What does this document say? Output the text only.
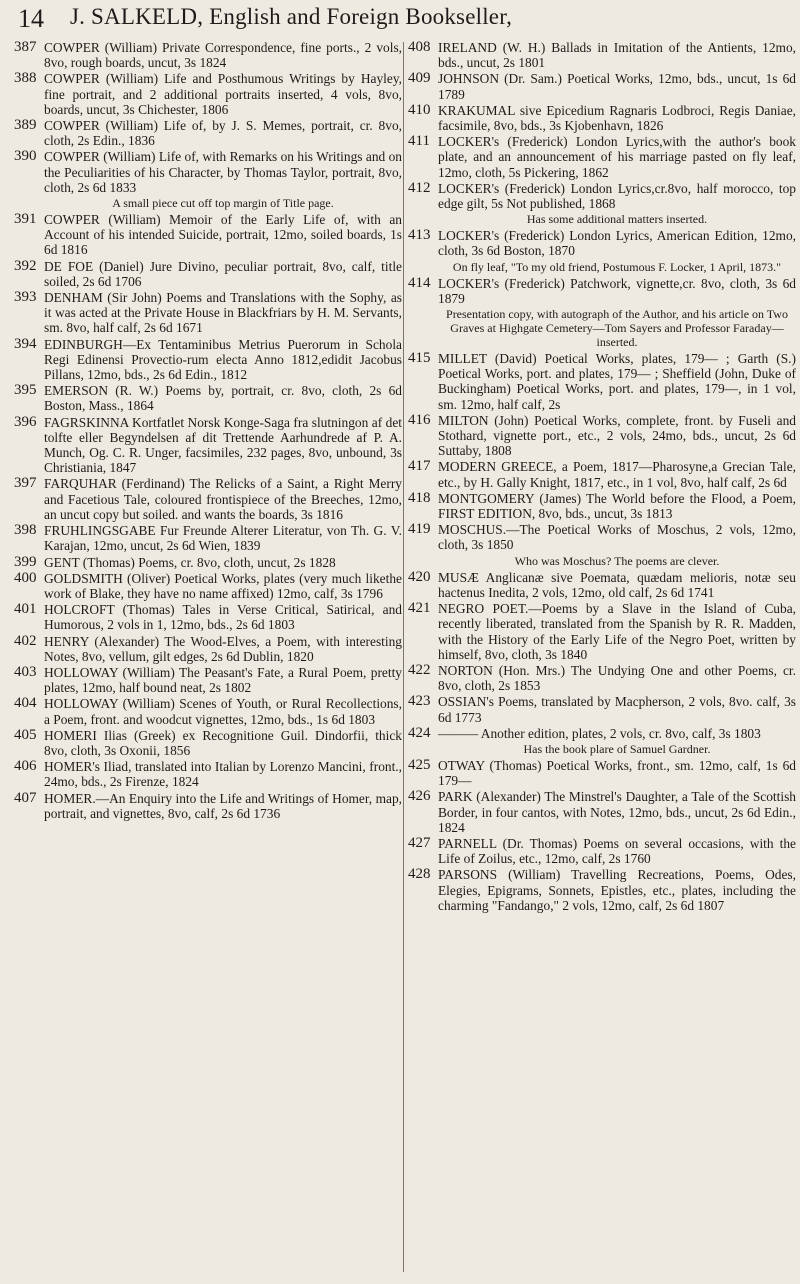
14 J. SALKELD, English and Foreign Bookseller,
387 COWPER (William) Private Correspondence, fine ports., 2 vols, 8vo, rough boards, uncut, 3s 1824
388 COWPER (William) Life and Posthumous Writings by Hayley, fine portrait, and 2 additional portraits inserted, 4 vols, 8vo, boards, uncut, 3s Chichester, 1806
389 COWPER (William) Life of, by J. S. Memes, portrait, cr. 8vo, cloth, 2s Edin., 1836
390 COWPER (William) Life of, with Remarks on his Writings and on the Peculiarities of his Character, by Thomas Taylor, portrait, 8vo, cloth, 2s 6d 1833
A small piece cut off top margin of Title page.
391 COWPER (William) Memoir of the Early Life of, with an Account of his intended Suicide, portrait, 12mo, soiled boards, 1s 6d 1816
392 DE FOE (Daniel) Jure Divino, peculiar portrait, 8vo, calf, title soiled, 2s 6d 1706
393 DENHAM (Sir John) Poems and Translations with the Sophy, as it was acted at the Private House in Blackfriars by H. M. Servants, sm. 8vo, half calf, 2s 6d 1671
394 EDINBURGH—Ex Tentaminibus Metrius Puerorum in Schola Regi Edinensi Provectio-rum electa Anno 1812,edidit Jacobus Pillans, 12mo, bds., 2s 6d Edin., 1812
395 EMERSON (R. W.) Poems by, portrait, cr. 8vo, cloth, 2s 6d Boston, Mass., 1864
396 FAGRSKINNA Kortfatlet Norsk Konge-Saga fra slutningon af det tolfte eller Begyndelsen af dit Trettende Aarhundrede af P. A. Munch, Og. C. R. Unger, facsimiles, 232 pages, 8vo, unbound, 3s Christiania, 1847
397 FARQUHAR (Ferdinand) The Relicks of a Saint, a Right Merry and Facetious Tale, coloured frontispiece of the Breeches, 12mo, an uncut copy but soiled. and wants the boards, 3s 1816
398 FRUHLINGSGABE Fur Freunde Alterer Literatur, von Th. G. V. Karajan, 12mo, uncut, 2s 6d Wien, 1839
399 GENT (Thomas) Poems, cr. 8vo, cloth, uncut, 2s 1828
400 GOLDSMITH (Oliver) Poetical Works, plates (very much likethe work of Blake, they have no name affixed) 12mo, calf, 3s 1796
401 HOLCROFT (Thomas) Tales in Verse Critical, Satirical, and Humorous, 2 vols in 1, 12mo, bds., 2s 6d 1803
402 HENRY (Alexander) The Wood-Elves, a Poem, with interesting Notes, 8vo, vellum, gilt edges, 2s 6d Dublin, 1820
403 HOLLOWAY (William) The Peasant's Fate, a Rural Poem, pretty plates, 12mo, half bound neat, 2s 1802
404 HOLLOWAY (William) Scenes of Youth, or Rural Recollections, a Poem, front. and woodcut vignettes, 12mo, bds., 1s 6d 1803
405 HOMERI Ilias (Greek) ex Recognitione Guil. Dindorfii, thick 8vo, cloth, 3s Oxonii, 1856
406 HOMER's Iliad, translated into Italian by Lorenzo Mancini, front., 24mo, bds., 2s Firenze, 1824
407 HOMER.—An Enquiry into the Life and Writings of Homer, map, portrait, and vignettes, 8vo, calf, 2s 6d 1736
408 IRELAND (W. H.) Ballads in Imitation of the Antients, 12mo, bds., uncut, 2s 1801
409 JOHNSON (Dr. Sam.) Poetical Works, 12mo, bds., uncut, 1s 6d 1789
410 KRAKUMAL sive Epicedium Ragnaris Lodbroci, Regis Daniae, facsimile, 8vo, bds., 3s Kjobenhavn, 1826
411 LOCKER's (Frederick) London Lyrics,with the author's book plate, and an announcement of his marriage pasted on fly leaf, 12mo, cloth, 5s Pickering, 1862
412 LOCKER's (Frederick) London Lyrics,cr.8vo, half morocco, top edge gilt, 5s Not published, 1868
Has some additional matters inserted.
413 LOCKER's (Frederick) London Lyrics, American Edition, 12mo, cloth, 3s 6d Boston, 1870
On fly leaf, "To my old friend, Postumous F. Locker, 1 April, 1873."
414 LOCKER's (Frederick) Patchwork, vignette,cr. 8vo, cloth, 3s 6d 1879
Presentation copy, with autograph of the Author, and his article on Two Graves at Highgate Cemetery—Tom Sayers and Professor Faraday—inserted.
415 MILLET (David) Poetical Works, plates, 179— ; Garth (S.) Poetical Works, port. and plates, 179— ; Sheffield (John, Duke of Buckingham) Poetical Works, port. and plates, 179—, in 1 vol, sm. 12mo, half calf, 2s
416 MILTON (John) Poetical Works, complete, front. by Fuseli and Stothard, vignette port., etc., 2 vols, 24mo, bds., uncut, 2s 6d Suttaby, 1808
417 MODERN GREECE, a Poem, 1817—Pharosyne,a Grecian Tale, etc., by H. Gally Knight, 1817, etc., in 1 vol, 8vo, half calf, 2s 6d
418 MONTGOMERY (James) The World before the Flood, a Poem, FIRST EDITION, 8vo, bds., uncut, 3s 1813
419 MOSCHUS.—The Poetical Works of Moschus, 2 vols, 12mo, cloth, 3s 1850
Who was Moschus? The poems are clever.
420 MUSÆ Anglicanæ sive Poemata, quædam melioris, notæ seu hactenus Inedita, 2 vols, 12mo, old calf, 2s 6d 1741
421 NEGRO POET.—Poems by a Slave in the Island of Cuba, recently liberated, translated from the Spanish by R. R. Madden, with the History of the Early Life of the Negro Poet, written by himself, 8vo, cloth, 3s 1840
422 NORTON (Hon. Mrs.) The Undying One and other Poems, cr. 8vo, cloth, 2s 1853
423 OSSIAN's Poems, translated by Macpherson, 2 vols, 8vo. calf, 3s 6d 1773
424 ——— Another edition, plates, 2 vols, cr. 8vo, calf, 3s 1803
Has the book plare of Samuel Gardner.
425 OTWAY (Thomas) Poetical Works, front., sm. 12mo, calf, 1s 6d 179—
426 PARK (Alexander) The Minstrel's Daughter, a Tale of the Scottish Border, in four cantos, with Notes, 12mo, bds., uncut, 2s 6d Edin., 1824
427 PARNELL (Dr. Thomas) Poems on several occasions, with the Life of Zoilus, etc., 12mo, calf, 2s 1760
428 PARSONS (William) Travelling Recreations, Poems, Odes, Elegies, Epigrams, Sonnets, Epistles, etc., plates, including the charming "Fandango," 2 vols, 12mo, calf, 2s 6d 1807
